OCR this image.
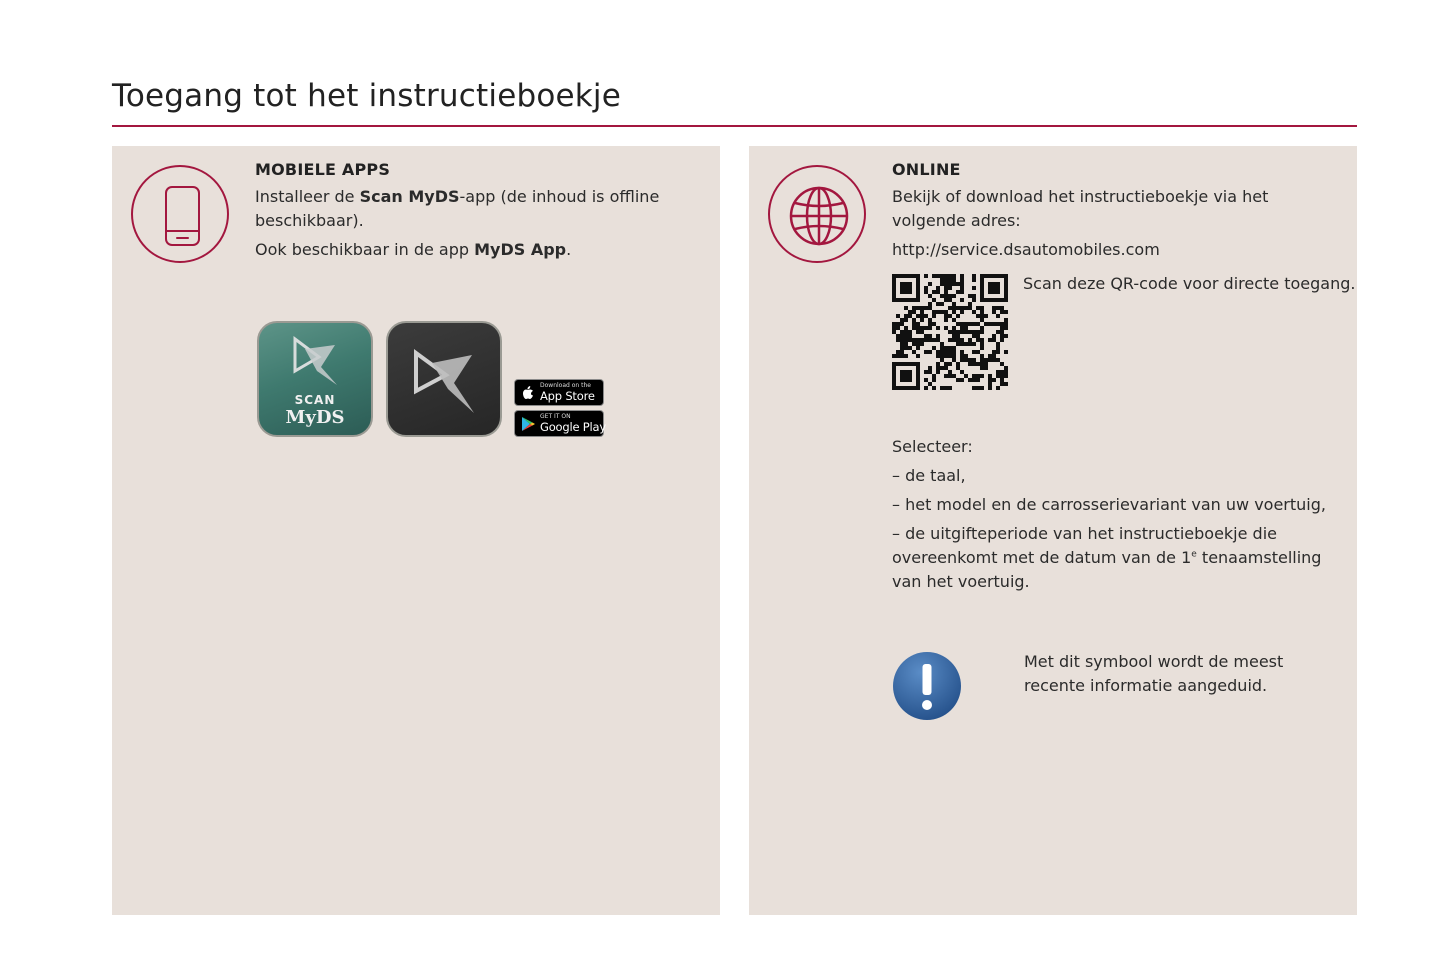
Toegang tot het instructieboekje

MOBIELE APPS

Installeer de Scan MyDS-app (de inhoud is offline beschikbaar).

Ook beschikbaar in de app MyDS App.

SCAN
MyDS
Download on the
App Store
GET IT ON
Google Play

ONLINE

Bekijk of download het instructieboekje via het volgende adres:

http://service.dsautomobiles.com

Scan deze QR-code voor directe toegang.

Selecteer:

– de taal,

– het model en de carrosserievariant van uw voertuig,

– de uitgifteperiode van het instructieboekje die overeenkomt met de datum van de 1e tenaamstelling van het voertuig.

Met dit symbool wordt de meest recente informatie aangeduid.
